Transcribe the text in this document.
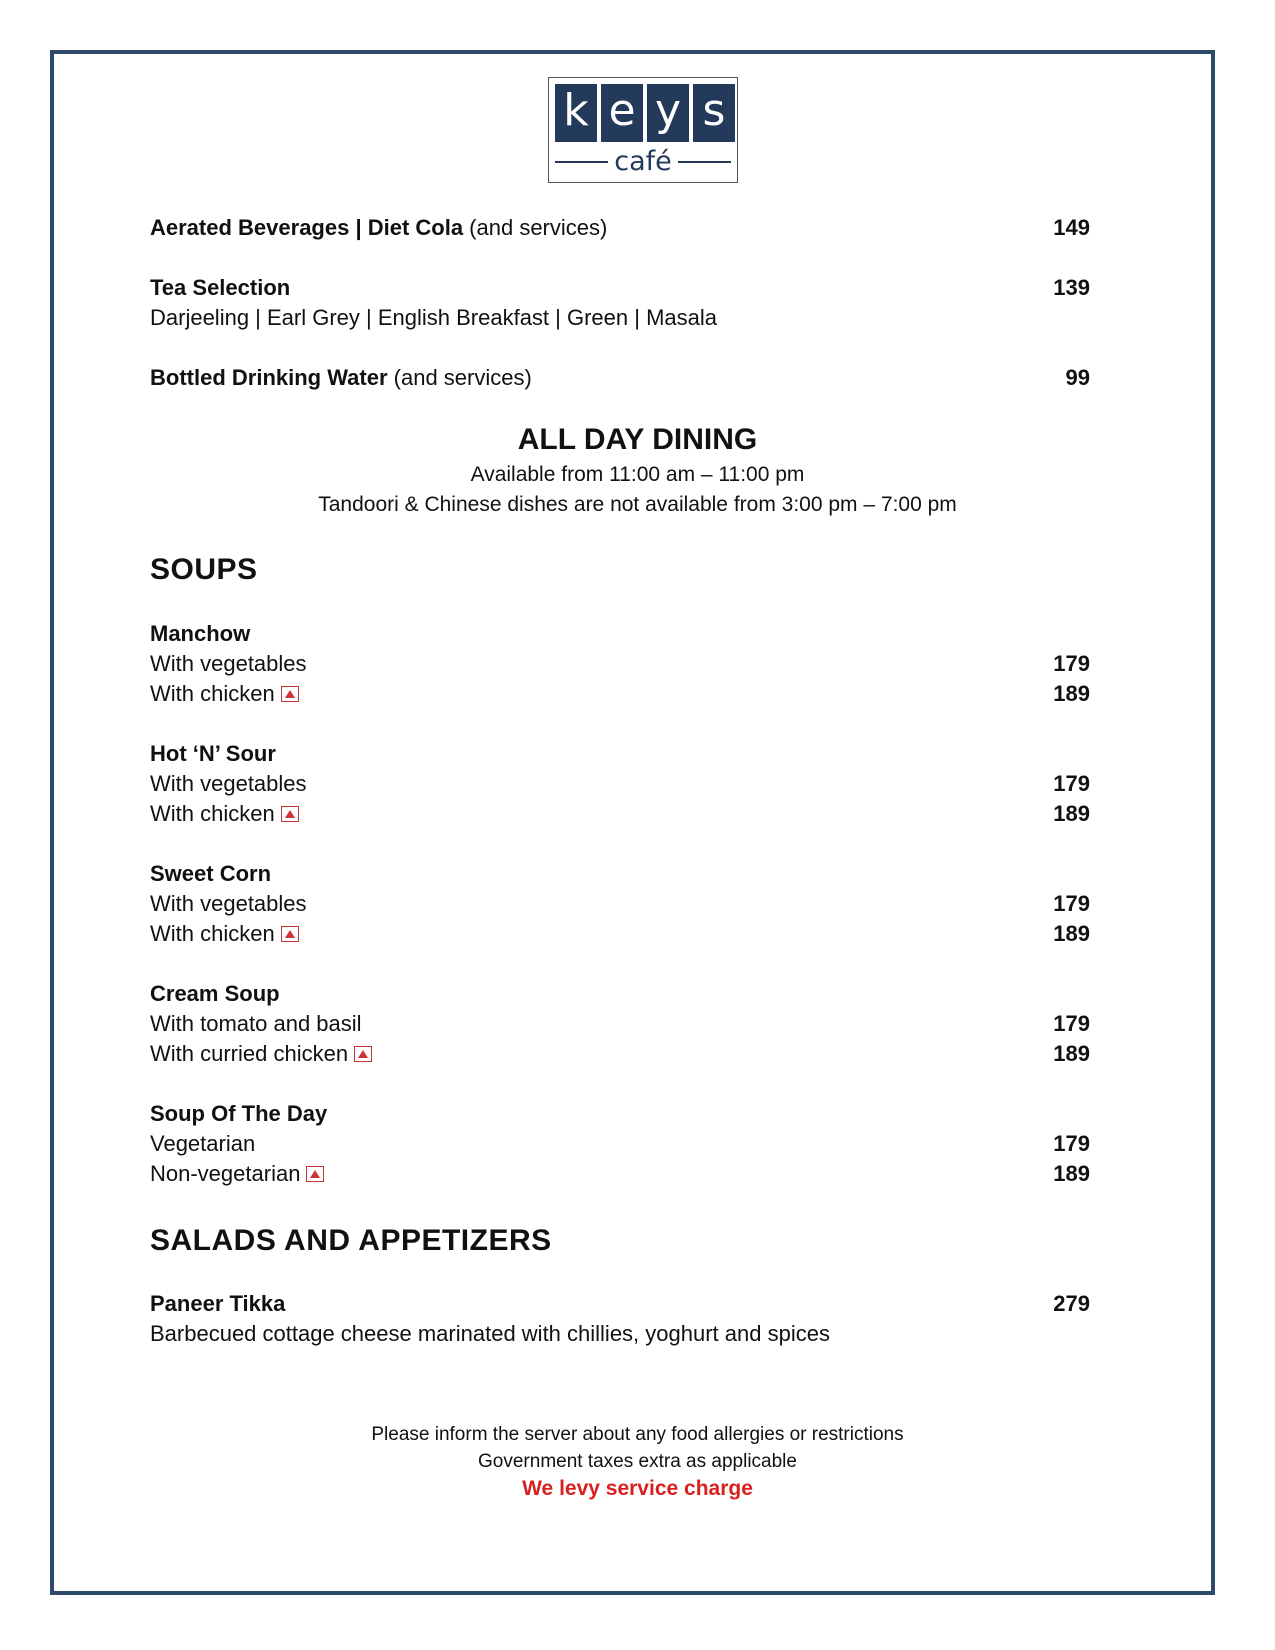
k e y s
café
Aerated Beverages | Diet Cola (and services)	149
Tea Selection	139
Darjeeling | Earl Grey | English Breakfast | Green | Masala
Bottled Drinking Water (and services)	99
ALL DAY DINING
Available from 11:00 am – 11:00 pm
Tandoori & Chinese dishes are not available from 3:00 pm – 7:00 pm
SOUPS
Manchow
With vegetables	179
With chicken	189
Hot ‘N’ Sour
With vegetables	179
With chicken	189
Sweet Corn
With vegetables	179
With chicken	189
Cream Soup
With tomato and basil	179
With curried chicken	189
Soup Of The Day
Vegetarian	179
Non-vegetarian	189
SALADS AND APPETIZERS
Paneer Tikka	279
Barbecued cottage cheese marinated with chillies, yoghurt and spices
Please inform the server about any food allergies or restrictions
Government taxes extra as applicable
We levy service charge
